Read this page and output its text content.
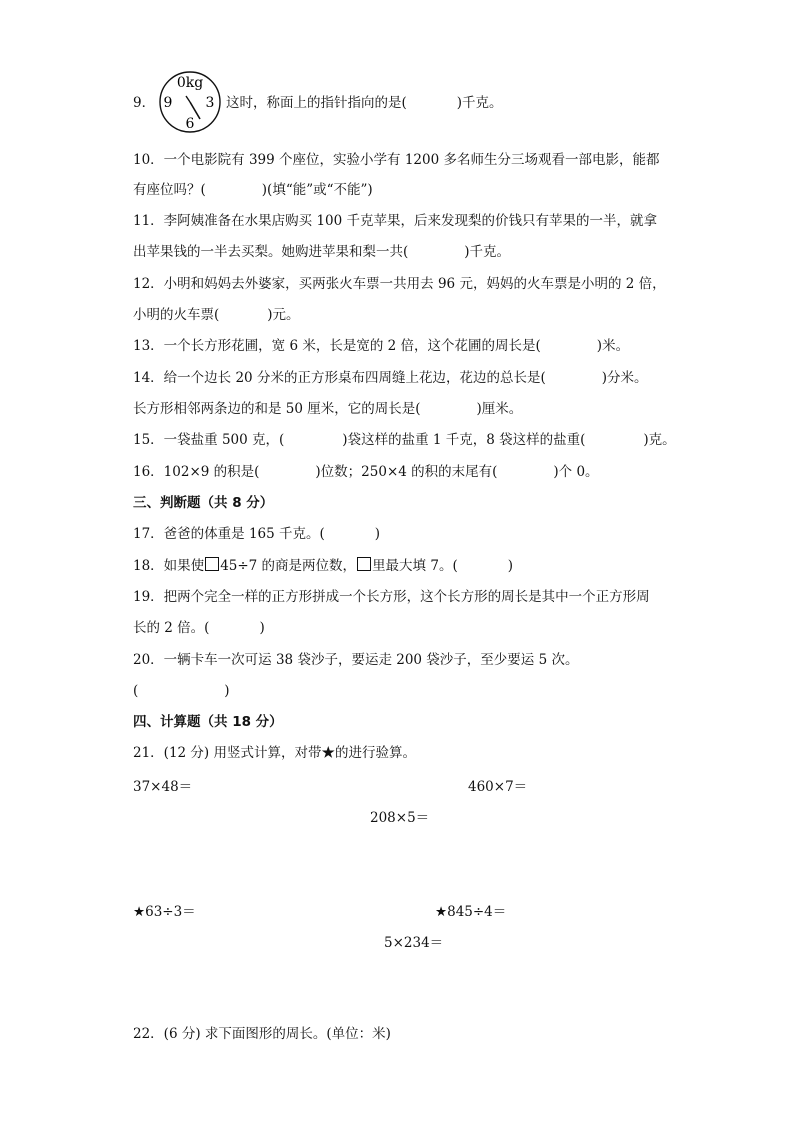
9．
0kg
9 3
6
这时，称面上的指针指向的是(	)千克。
10．一个电影院有 399 个座位，实验小学有 1200 多名师生分三场观看一部电影，能都
有座位吗？(	)(填“能”或“不能”)
11．李阿姨准备在水果店购买 100 千克苹果，后来发现梨的价钱只有苹果的一半，就拿
出苹果钱的一半去买梨。她购进苹果和梨一共(	)千克。
12．小明和妈妈去外婆家，买两张火车票一共用去 96 元，妈妈的火车票是小明的 2 倍，
小明的火车票(	)元。
13．一个长方形花圃，宽 6 米，长是宽的 2 倍，这个花圃的周长是(	)米。
14．给一个边长 20 分米的正方形桌布四周缝上花边，花边的总长是(	)分米。
长方形相邻两条边的和是 50 厘米，它的周长是(	)厘米。
15．一袋盐重 500 克，(	)袋这样的盐重 1 千克，8 袋这样的盐重(	)克。
16．102×9 的积是(	)位数；250×4 的积的末尾有(	)个 0。
三、判断题（共 8 分）
17．爸爸的体重是 165 千克。(	)
18．如果使 45÷7 的商是两位数， 里最大填 7。(	)
19．把两个完全一样的正方形拼成一个长方形，这个长方形的周长是其中一个正方形周
长的 2 倍。(	)
20．一辆卡车一次可运 38 袋沙子，要运走 200 袋沙子，至少要运 5 次。
(	)
四、计算题（共 18 分）
21．(12 分) 用竖式计算，对带★的进行验算。
37×48＝	460×7＝
208×5＝
★63÷3＝	★845÷4＝
5×234＝
22．(6 分) 求下面图形的周长。(单位：米)
